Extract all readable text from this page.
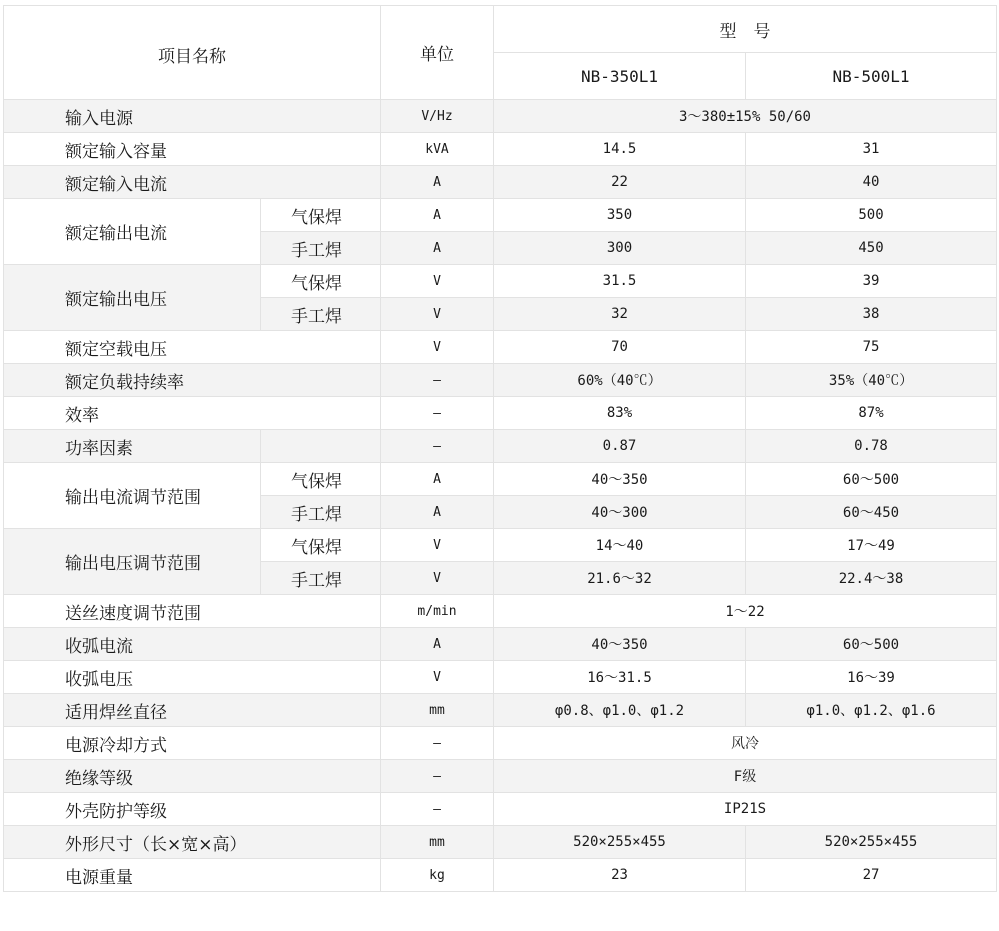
项目名称		单位	型　号	
			NB-350L1	NB-500L1
输入电源		V/Hz	3～380±15% 50/60	
额定输入容量		kVA	14.5	31
额定输入电流		A	22	40
额定输出电流	气保焊	A	350	500
	手工焊	A	300	450
额定输出电压	气保焊	V	31.5	39
	手工焊	V	32	38
额定空载电压		V	70	75
额定负载持续率		–	60%（40℃）	35%（40℃）
效率		–	83%	87%
功率因素		–	0.87	0.78
输出电流调节范围	气保焊	A	40～350	60～500
	手工焊	A	40～300	60～450
输出电压调节范围	气保焊	V	14～40	17～49
	手工焊	V	21.6～32	22.4～38
送丝速度调节范围		m/min	1～22	
收弧电流		A	40～350	60～500
收弧电压		V	16～31.5	16～39
适用焊丝直径		mm	φ0.8、φ1.0、φ1.2	φ1.0、φ1.2、φ1.6
电源冷却方式		–	风冷	
绝缘等级		–	F级	
外壳防护等级		–	IP21S	
外形尺寸（长×宽×高）		mm	520×255×455	520×255×455
电源重量		kg	23	27
